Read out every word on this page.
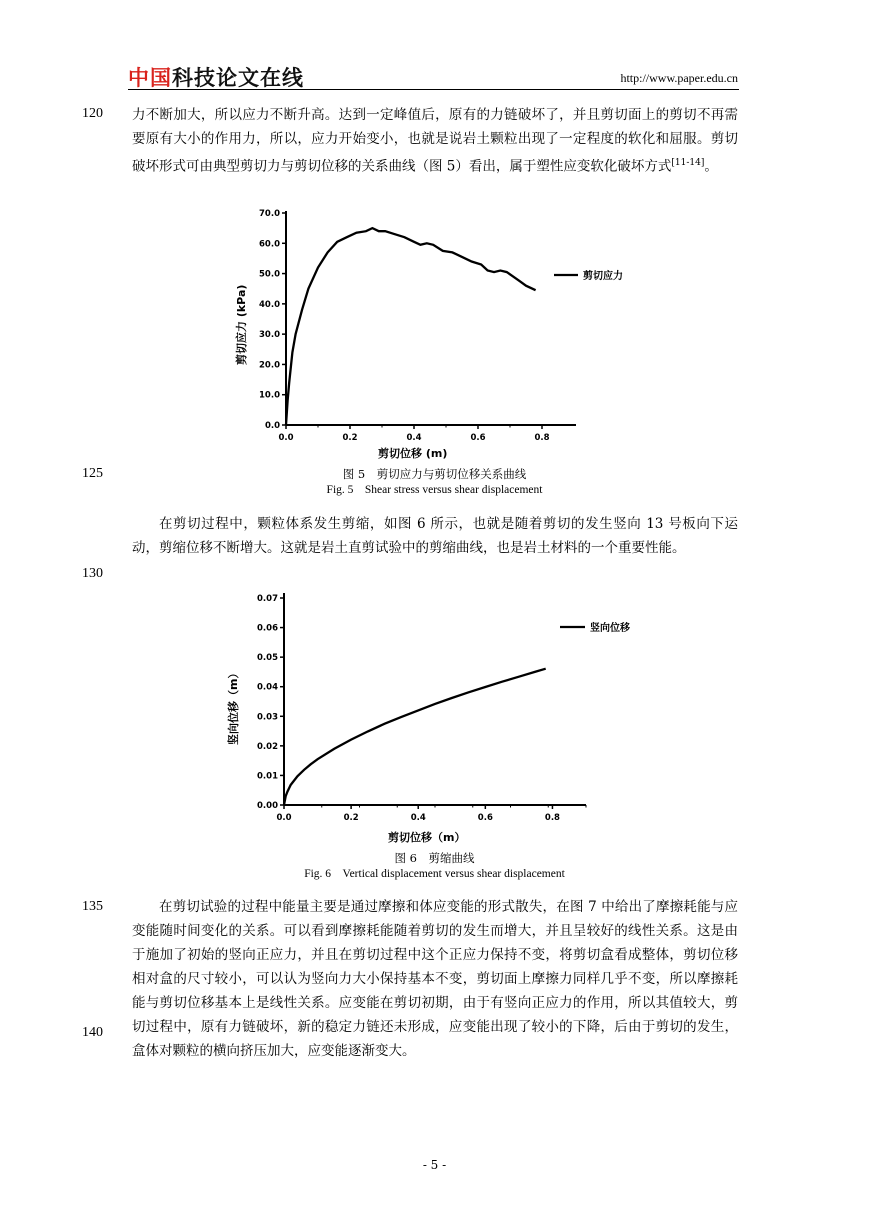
中国科技论文在线	http://www.paper.edu.cn
120
125
130
135
140
力不断加大，所以应力不断升高。达到一定峰值后，原有的力链破坏了，并且剪切面上的剪切不再需要原有大小的作用力，所以，应力开始变小，也就是说岩土颗粒出现了一定程度的软化和屈服。剪切破坏形式可由典型剪切力与剪切位移的关系曲线（图 5）看出，属于塑性应变软化破坏方式[11-14]。
0.0
10.0
20.0
30.0
40.0
50.0
60.0
70.0
0.0	0.2	0.4	0.6	0.8
剪切应力
剪切位移 (m)
剪切应力 (kPa)
图 5　剪切应力与剪切位移关系曲线
Fig. 5　Shear stress versus shear displacement
在剪切过程中，颗粒体系发生剪缩，如图 6 所示，也就是随着剪切的发生竖向 13 号板向下运动，剪缩位移不断增大。这就是岩土直剪试验中的剪缩曲线，也是岩土材料的一个重要性能。
0.00
0.01
0.02
0.03
0.04
0.05
0.06
0.07
0.0	0.2	0.4	0.6	0.8
竖向位移
剪切位移（m）
竖向位移（m）
图 6　剪缩曲线
Fig. 6　Vertical displacement versus shear displacement
在剪切试验的过程中能量主要是通过摩擦和体应变能的形式散失，在图 7 中给出了摩擦耗能与应变能随时间变化的关系。可以看到摩擦耗能随着剪切的发生而增大，并且呈较好的线性关系。这是由于施加了初始的竖向正应力，并且在剪切过程中这个正应力保持不变，将剪切盒看成整体，剪切位移相对盒的尺寸较小，可以认为竖向力大小保持基本不变，剪切面上摩擦力同样几乎不变，所以摩擦耗能与剪切位移基本上是线性关系。应变能在剪切初期，由于有竖向正应力的作用，所以其值较大，剪切过程中，原有力链破坏，新的稳定力链还未形成，应变能出现了较小的下降，后由于剪切的发生，盒体对颗粒的横向挤压加大，应变能逐渐变大。
- 5 -
